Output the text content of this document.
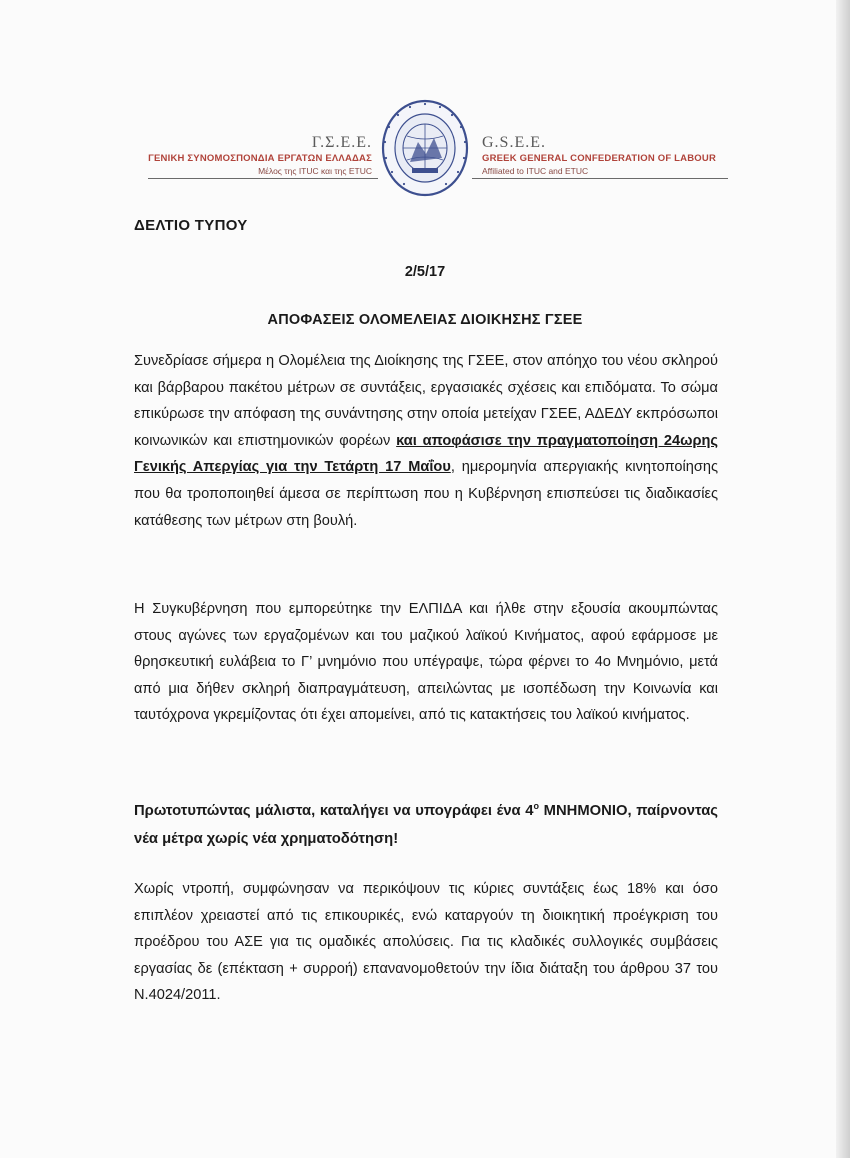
Γ.Σ.Ε.Ε.
ΓΕΝΙΚΗ ΣΥΝΟΜΟΣΠΟΝΔΙΑ ΕΡΓΑΤΩΝ ΕΛΛΑΔΑΣ
Μέλος της ITUC και της ETUC
G.S.E.E.
GREEK GENERAL CONFEDERATION OF LABOUR
Affiliated to ITUC and ETUC
ΔΕΛΤΙΟ ΤΥΠΟΥ
2/5/17
ΑΠΟΦΑΣΕΙΣ ΟΛΟΜΕΛΕΙΑΣ ΔΙΟΙΚΗΣΗΣ ΓΣΕΕ
Συνεδρίασε σήμερα η Ολομέλεια της Διοίκησης της ΓΣΕΕ, στον απόηχο του νέου σκληρού και βάρβαρου πακέτου μέτρων σε συντάξεις, εργασιακές σχέσεις και επιδόματα. Το σώμα επικύρωσε την απόφαση της συνάντησης στην οποία μετείχαν ΓΣΕΕ, ΑΔΕΔΥ εκπρόσωποι κοινωνικών και επιστημονικών φορέων και αποφάσισε την πραγματοποίηση 24ωρης Γενικής Απεργίας για την Τετάρτη 17 Μαΐου, ημερομηνία απεργιακής κινητοποίησης που θα τροποποιηθεί άμεσα σε περίπτωση που η Κυβέρνηση επισπεύσει τις διαδικασίες κατάθεσης των μέτρων στη βουλή.
Η Συγκυβέρνηση που εμπορεύτηκε την ΕΛΠΙΔΑ και ήλθε στην εξουσία ακουμπώντας στους αγώνες των εργαζομένων και του μαζικού λαϊκού Κινήματος, αφού εφάρμοσε με θρησκευτική ευλάβεια το Γ’ μνημόνιο που υπέγραψε, τώρα φέρνει το 4ο Μνημόνιο, μετά από μια δήθεν σκληρή διαπραγμάτευση, απειλώντας με ισοπέδωση την Κοινωνία και ταυτόχρονα γκρεμίζοντας ότι έχει απομείνει, από τις κατακτήσεις του λαϊκού κινήματος.
Πρωτοτυπώντας μάλιστα, καταλήγει να υπογράφει ένα $4^o$ ΜΝΗΜΟΝΙΟ, παίρνοντας νέα μέτρα χωρίς νέα χρηματοδότηση!
Χωρίς ντροπή, συμφώνησαν να περικόψουν τις κύριες συντάξεις έως 18% και όσο επιπλέον χρειαστεί από τις επικουρικές, ενώ καταργούν τη διοικητική προέγκριση του προέδρου του ΑΣΕ για τις ομαδικές απολύσεις. Για τις κλαδικές συλλογικές συμβάσεις εργασίας δε (επέκταση + συρροή) επανανομοθετούν την ίδια διάταξη του άρθρου 37 του Ν.4024/2011.
